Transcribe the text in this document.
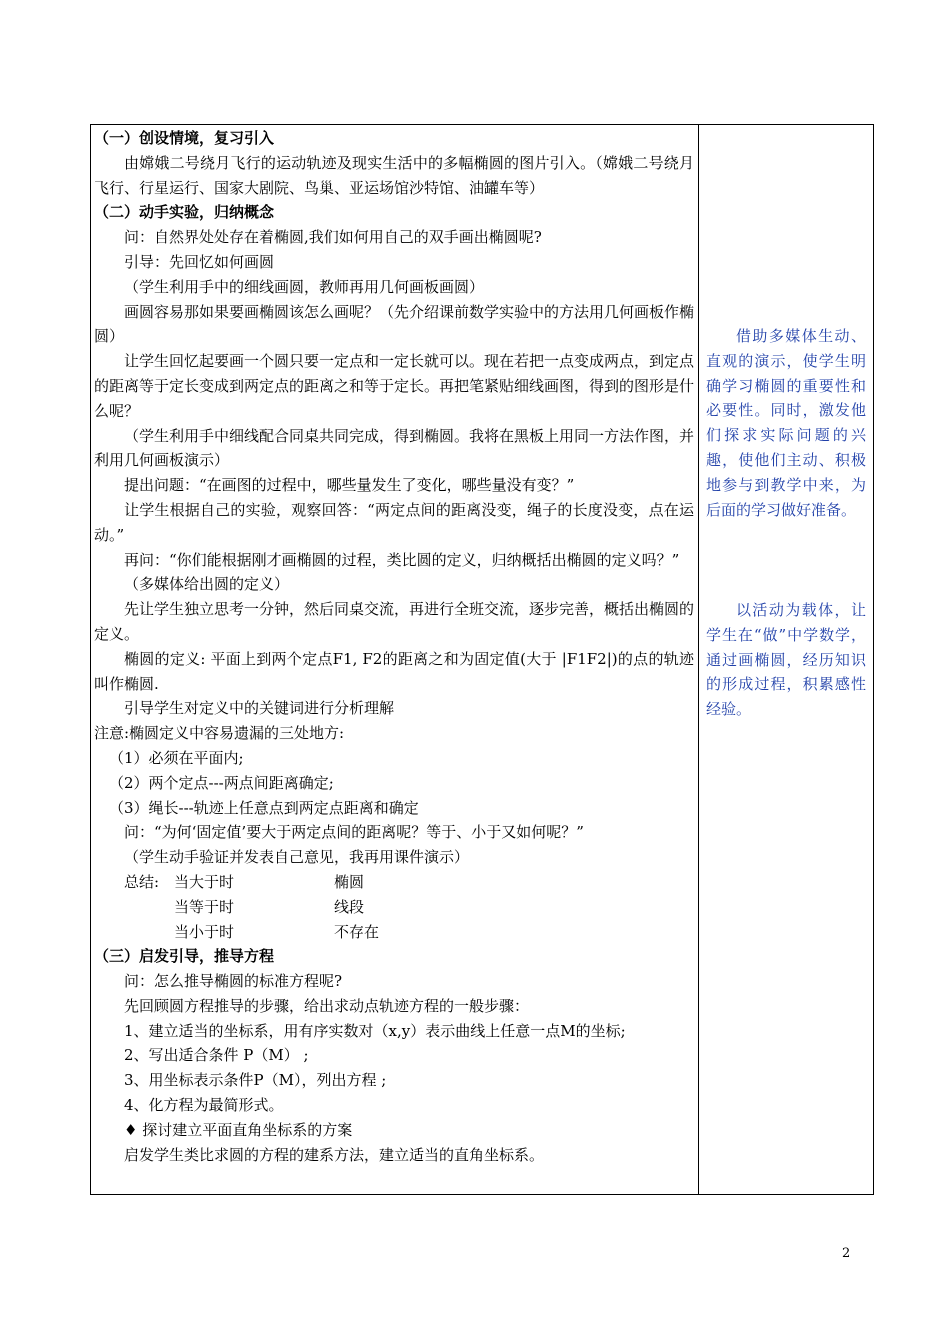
（一）创设情境，复习引入

由嫦娥二号绕月飞行的运动轨迹及现实生活中的多幅椭圆的图片引入。（嫦娥二号绕月飞行、行星运行、国家大剧院、鸟巢、亚运场馆沙特馆、油罐车等）

（二）动手实验，归纳概念

问：自然界处处存在着椭圆,我们如何用自己的双手画出椭圆呢?

引导：先回忆如何画圆

（学生利用手中的细线画圆，教师再用几何画板画圆）

画圆容易那如果要画椭圆该怎么画呢？（先介绍课前数学实验中的方法用几何画板作椭圆）

让学生回忆起要画一个圆只要一定点和一定长就可以。现在若把一点变成两点，到定点的距离等于定长变成到两定点的距离之和等于定长。再把笔紧贴细线画图，得到的图形是什么呢？

（学生利用手中细线配合同桌共同完成，得到椭圆。我将在黑板上用同一方法作图，并利用几何画板演示）

提出问题：“在画图的过程中，哪些量发生了变化，哪些量没有变？”

让学生根据自己的实验，观察回答：“两定点间的距离没变，绳子的长度没变，点在运动。”

再问：“你们能根据刚才画椭圆的过程，类比圆的定义，归纳概括出椭圆的定义吗？”

（多媒体给出圆的定义）

先让学生独立思考一分钟，然后同桌交流，再进行全班交流，逐步完善，概括出椭圆的定义。

椭圆的定义: 平面上到两个定点F1, F2的距离之和为固定值(大于 |F1F2|)的点的轨迹叫作椭圆.

引导学生对定义中的关键词进行分析理解

注意:椭圆定义中容易遗漏的三处地方:

（1）必须在平面内;

（2）两个定点---两点间距离确定;

（3）绳长---轨迹上任意点到两定点距离和确定

问：“为何‘固定值’要大于两定点间的距离呢？等于、小于又如何呢？”

（学生动手验证并发表自己意见，我再用课件演示）

总结: 当大于时	椭圆
当等于时	线段
当小于时	不存在

（三）启发引导，推导方程

问：怎么推导椭圆的标准方程呢?

先回顾圆方程推导的步骤，给出求动点轨迹方程的一般步骤：

1、建立适当的坐标系，用有序实数对（x,y）表示曲线上任意一点M的坐标;

2、写出适合条件 P（M） ;

3、用坐标表示条件P（M），列出方程 ;

4、化方程为最简形式。

♦ 探讨建立平面直角坐标系的方案

启发学生类比求圆的方程的建系方法，建立适当的直角坐标系。

借助多媒体生动、直观的演示，使学生明确学习椭圆的重要性和必要性。同时，激发他们探求实际问题的兴趣，使他们主动、积极地参与到教学中来，为后面的学习做好准备。

以活动为载体，让学生在“做”中学数学，通过画椭圆，经历知识的形成过程，积累感性经验。

2
